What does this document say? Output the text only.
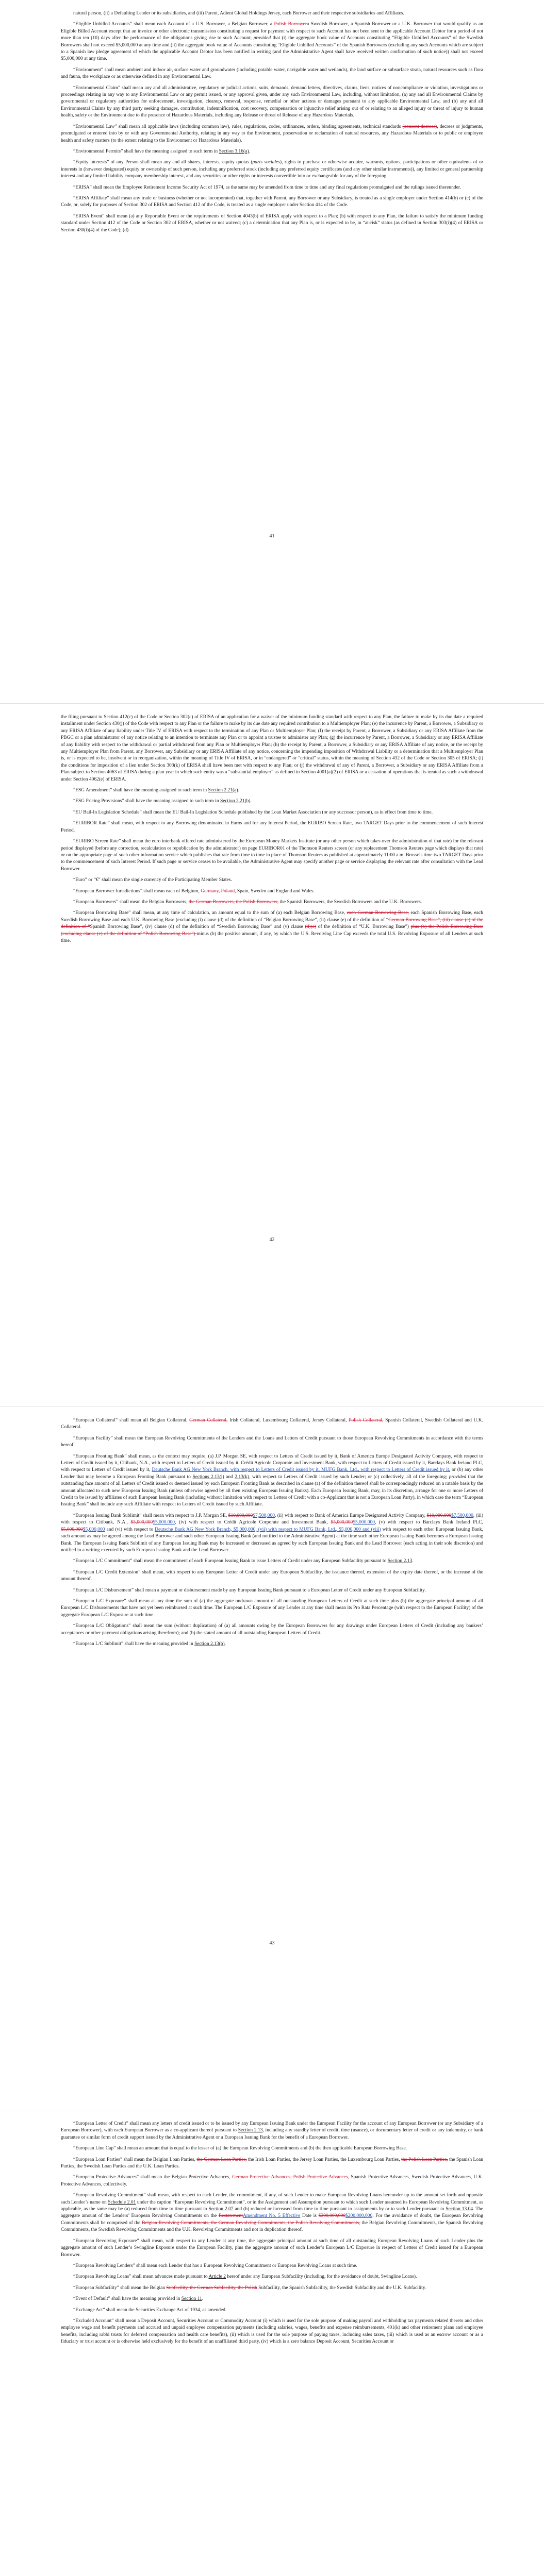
natural person, (ii) a Defaulting Lender or its subsidiaries, and (iii) Parent, Adient Global Holdings Jersey, each Borrower and their respective subsidiaries and Affiliates.

“Eligible Unbilled Accounts” shall mean each Account of a U.S. Borrower, a Belgian Borrower, a Polish Borrowera Swedish Borrower, a Spanish Borrower or a U.K. Borrower that would qualify as an Eligible Billed Account except that an invoice or other electronic transmission constituting a request for payment with respect to such Account has not been sent to the applicable Account Debtor for a period of not more than ten (10) days after the performance of the obligations giving rise to such Account; provided that (i) the aggregate book value of Accounts constituting “Eligible Unbilled Accounts” of the Swedish Borrowers shall not exceed $5,000,000 at any time and (ii) the aggregate book value of Accounts constituting “Eligible Unbilled Accounts” of the Spanish Borrowers (excluding any such Accounts which are subject to a Spanish law pledge agreement of which the applicable Account Debtor has been notified in writing (and the Administrative Agent shall have received written confirmation of such notice)) shall not exceed $5,000,000 at any time.

“Environment” shall mean ambient and indoor air, surface water and groundwater (including potable water, navigable water and wetlands), the land surface or subsurface strata, natural resources such as flora and fauna, the workplace or as otherwise defined in any Environmental Law.

“Environmental Claim” shall mean any and all administrative, regulatory or judicial actions, suits, demands, demand letters, directives, claims, liens, notices of noncompliance or violation, investigations or proceedings relating in any way to any Environmental Law or any permit issued, or any approval given, under any such Environmental Law, including, without limitation, (a) any and all Environmental Claims by governmental or regulatory authorities for enforcement, investigation, cleanup, removal, response, remedial or other actions or damages pursuant to any applicable Environmental Law, and (b) any and all Environmental Claims by any third party seeking damages, contribution, indemnification, cost recovery, compensation or injunctive relief arising out of or relating to an alleged injury or threat of injury to human health, safety or the Environment due to the presence of Hazardous Materials, including any Release or threat of Release of any Hazardous Materials.

“Environmental Law” shall mean all applicable laws (including common law), rules, regulations, codes, ordinances, orders, binding agreements, technical standards (consent decrees), decrees or judgments, promulgated or entered into by or with any Governmental Authority, relating in any way to the Environment, preservation or reclamation of natural resources, any Hazardous Materials or to public or employee health and safety matters (to the extent relating to the Environment or Hazardous Materials).

“Environmental Permits” shall have the meaning assigned to such term in Section 3.16(a).

“Equity Interests” of any Person shall mean any and all shares, interests, equity quotas (parts sociales), rights to purchase or otherwise acquire, warrants, options, participations or other equivalents of or interests in (however designated) equity or ownership of such person, including any preferred stock (including any preferred equity certificates (and any other similar instruments)), any limited or general partnership interest and any limited liability company membership interest, and any securities or other rights or interests convertible into or exchangeable for any of the foregoing.

“ERISA” shall mean the Employee Retirement Income Security Act of 1974, as the same may be amended from time to time and any final regulations promulgated and the rulings issued thereunder.

“ERISA Affiliate” shall mean any trade or business (whether or not incorporated) that, together with Parent, any Borrower or any Subsidiary, is treated as a single employer under Section 414(b) or (c) of the Code, or, solely for purposes of Section 302 of ERISA and Section 412 of the Code, is treated as a single employer under Section 414 of the Code.

“ERISA Event” shall mean (a) any Reportable Event or the requirements of Section 4043(b) of ERISA apply with respect to a Plan; (b) with respect to any Plan, the failure to satisfy the minimum funding standard under Section 412 of the Code or Section 302 of ERISA, whether or not waived; (c) a determination that any Plan is, or is expected to be, in “at-risk” status (as defined in Section 303(i)(4) of ERISA or Section 430(i)(4) of the Code); (d)

41

the filing pursuant to Section 412(c) of the Code or Section 302(c) of ERISA of an application for a waiver of the minimum funding standard with respect to any Plan, the failure to make by its due date a required installment under Section 430(j) of the Code with respect to any Plan or the failure to make by its due date any required contribution to a Multiemployer Plan; (e) the incurrence by Parent, a Borrower, a Subsidiary or any ERISA Affiliate of any liability under Title IV of ERISA with respect to the termination of any Plan or Multiemployer Plan; (f) the receipt by Parent, a Borrower, a Subsidiary or any ERISA Affiliate from the PBGC or a plan administrator of any notice relating to an intention to terminate any Plan or to appoint a trustee to administer any Plan; (g) the incurrence by Parent, a Borrower, a Subsidiary or any ERISA Affiliate of any liability with respect to the withdrawal or partial withdrawal from any Plan or Multiemployer Plan; (h) the receipt by Parent, a Borrower, a Subsidiary or any ERISA Affiliate of any notice, or the receipt by any Multiemployer Plan from Parent, any Borrower, any Subsidiary or any ERISA Affiliate of any notice, concerning the impending imposition of Withdrawal Liability or a determination that a Multiemployer Plan is, or is expected to be, insolvent or in reorganization, within the meaning of Title IV of ERISA, or in “endangered” or “critical” status, within the meaning of Section 432 of the Code or Section 305 of ERISA; (i) the conditions for imposition of a lien under Section 303(k) of ERISA shall have been met with respect to any Plan; or (j) the withdrawal of any of Parent, a Borrower, a Subsidiary or any ERISA Affiliate from a Plan subject to Section 4063 of ERISA during a plan year in which such entity was a “substantial employer” as defined in Section 4001(a)(2) of ERISA or a cessation of operations that is treated as such a withdrawal under Section 4062(e) of ERISA.

“ESG Amendment” shall have the meaning assigned to such term in Section 2.21(a).

“ESG Pricing Provisions” shall have the meaning assigned to such term in Section 2.21(b).

“EU Bail-In Legislation Schedule” shall mean the EU Bail-In Legislation Schedule published by the Loan Market Association (or any successor person), as in effect from time to time.

“EURIBOR Rate” shall mean, with respect to any Borrowing denominated in Euros and for any Interest Period, the EURIBO Screen Rate, two TARGET Days prior to the commencement of such Interest Period.

“EURIBO Screen Rate” shall mean the euro interbank offered rate administered by the European Money Markets Institute (or any other person which takes over the administration of that rate) for the relevant period displayed (before any correction, recalculation or republication by the administrator) on page EURIBOR01 of the Thomson Reuters screen (or any replacement Thomson Reuters page which displays that rate) or on the appropriate page of such other information service which publishes that rate from time to time in place of Thomson Reuters as published at approximately 11:00 a.m. Brussels time two TARGET Days prior to the commencement of such Interest Period. If such page or service ceases to be available, the Administrative Agent may specify another page or service displaying the relevant rate after consultation with the Lead Borrower.

“Euro” or “€” shall mean the single currency of the Participating Member States.

“European Borrower Jurisdictions” shall mean each of Belgium, Germany, Poland, Spain, Sweden and England and Wales.

“European Borrowers” shall mean the Belgian Borrowers, the German Borrowers, the Polish Borrowers, the Spanish Borrowers, the Swedish Borrowers and the U.K. Borrowers.

“European Borrowing Base” shall mean, at any time of calculation, an amount equal to the sum of (a) each Belgian Borrowing Base, each German Borrowing Base, each Spanish Borrowing Base, each Swedish Borrowing Base and each U.K. Borrowing Base (excluding (i) clause (d) of the definition of “Belgian Borrowing Base”, (ii) clause (e) of the definition of “German Borrowing Base”, (iii) clause (e) of the definition of “Spanish Borrowing Base”, (iv) clause (d) of the definition of “Swedish Borrowing Base” and (v) clause (d)(e) of the definition of “U.K. Borrowing Base”) plus (b) the Polish Borrowing Base (excluding clause (e) of the definition of “Polish Borrowing Base”) minus (b) the positive amount, if any, by which the U.S. Revolving Line Cap exceeds the total U.S. Revolving Exposure of all Lenders at such time.

42

“European Collateral” shall mean all Belgian Collateral, German Collateral, Irish Collateral, Luxembourg Collateral, Jersey Collateral, Polish Collateral, Spanish Collateral, Swedish Collateral and U.K. Collateral.

“European Facility” shall mean the European Revolving Commitments of the Lenders and the Loans and Letters of Credit pursuant to those European Revolving Commitments in accordance with the terms hereof.

“European Fronting Bank” shall mean, as the context may require, (a) J.P. Morgan SE, with respect to Letters of Credit issued by it, Bank of America Europe Designated Activity Company, with respect to Letters of Credit issued by it, Citibank, N.A., with respect to Letters of Credit issued by it, Crédit Agricole Corporate and Investment Bank, with respect to Letters of Credit issued by it, Barclays Bank Ireland PLC, with respect to Letters of Credit issued by it, Deutsche Bank AG New York Branch, with respect to Letters of Credit issued by it, MUFG Bank, Ltd., with respect to Letters of Credit issued by it, or (b) any other Lender that may become a European Fronting Bank pursuant to Sections 2.13(i) and 2.13(k), with respect to Letters of Credit issued by such Lender; or (c) collectively, all of the foregoing; provided that the outstanding face amount of all Letters of Credit issued or deemed issued by each European Fronting Bank as described in clause (a) of the definition thereof shall be correspondingly reduced on a ratable basis by the amount allocated to such new European Issuing Bank (unless otherwise agreed by all then existing European Issuing Banks). Each European Issuing Bank, may, in its discretion, arrange for one or more Letters of Credit to be issued by affiliates of such European Issuing Bank (including without limitation with respect to Letters of Credit with a co-Applicant that is not a European Loan Party), in which case the term “European Issuing Bank” shall include any such Affiliate with respect to Letters of Credit issued by such Affiliate.

“European Issuing Bank Sublimit” shall mean with respect to J.P. Morgan SE, $10,000,000$7,500,000, (ii) with respect to Bank of America Europe Designated Activity Company, $10,000,000$7,500,000, (iii) with respect to Citibank, N.A., $5,000,000$5,000,000, (iv) with respect to Crédit Agricole Corporate and Investment Bank, $5,000,000$5,000,000, (v) with respect to Barclays Bank Ireland PLC, $5,000,000$5,000,000 and (vi) with respect to Deutsche Bank AG New York Branch, $5,000,000, (vii) with respect to MUFG Bank, Ltd., $5,000,000 and (viii) with respect to each other European Issuing Bank, such amount as may be agreed among the Lead Borrower and such other European Issuing Bank (and notified to the Administrative Agent) at the time such other European Issuing Bank becomes a European Issuing Bank. The European Issuing Bank Sublimit of any European Issuing Bank may be increased or decreased as agreed by such European Issuing Bank and the Lead Borrower (each acting in their sole discretion) and notified in a writing executed by such European Issuing Bank and the Lead Borrower.

“European L/C Commitment” shall mean the commitment of each European Issuing Bank to issue Letters of Credit under any European Subfacility pursuant to Section 2.13.

“European L/C Credit Extension” shall mean, with respect to any European Letter of Credit under any European Subfacility, the issuance thereof, extension of the expiry date thereof, or the increase of the amount thereof.

“European L/C Disbursement” shall mean a payment or disbursement made by any European Issuing Bank pursuant to a European Letter of Credit under any European Subfacility.

“European L/C Exposure” shall mean at any time the sum of (a) the aggregate undrawn amount of all outstanding European Letters of Credit at such time plus (b) the aggregate principal amount of all European L/C Disbursements that have not yet been reimbursed at such time. The European L/C Exposure of any Lender at any time shall mean its Pro Rata Percentage (with respect to the European Facility) of the aggregate European L/C Exposure at such time.

“European L/C Obligations” shall mean the sum (without duplication) of (a) all amounts owing by the European Borrowers for any drawings under European Letters of Credit (including any bankers’ acceptances or other payment obligations arising therefrom); and (b) the stated amount of all outstanding European Letters of Credit.

“European L/C Sublimit” shall have the meaning provided in Section 2.13(b).

43

“European Letter of Credit” shall mean any letters of credit issued or to be issued by any European Issuing Bank under the European Facility for the account of any European Borrower (or any Subsidiary of a European Borrower), with each European Borrower as a co-applicant thereof pursuant to Section 2.13, including any standby letter of credit, time (usance), or documentary letter of credit or any indemnity, or bank guarantee or similar form of credit support issued by the Administrative Agent or a European Issuing Bank for the benefit of a European Borrower.

“European Line Cap” shall mean an amount that is equal to the lesser of (a) the European Revolving Commitments and (b) the then applicable European Borrowing Base.

“European Loan Parties” shall mean the Belgian Loan Parties, the German Loan Parties, the Irish Loan Parties, the Jersey Loan Parties, the Luxembourg Loan Parties, the Polish Loan Parties, the Spanish Loan Parties, the Swedish Loan Parties and the U.K. Loan Parties.

“European Protective Advances” shall mean the Belgian Protective Advances, German Protective Advances, Polish Protective Advances, Spanish Protective Advances, Swedish Protective Advances, U.K. Protective Advances, collectively.

“European Revolving Commitment” shall mean, with respect to each Lender, the commitment, if any, of such Lender to make European Revolving Loans hereunder up to the amount set forth and opposite such Lender’s name on Schedule 2.01 under the caption “European Revolving Commitment”, or in the Assignment and Assumption pursuant to which such Lender assumed its European Revolving Commitment, as applicable, as the same may be (a) reduced from time to time pursuant to Section 2.07 and (b) reduced or increased from time to time pursuant to assignments by or to such Lender pursuant to Section 13.04. The aggregate amount of the Lenders’ European Revolving Commitments on the RestatementAmendment No. 5 Effective Date is $300,000,000$200,000,000. For the avoidance of doubt, the European Revolving Commitments shall be comprised of the Belgian Revolving Commitments, the German Revolving Commitments, the Polish Revolving Commitments, the Belgian Revolving Commitments, the Spanish Revolving Commitments, the Swedish Revolving Commitments and the U.K. Revolving Commitments and not in duplication thereof.

“European Revolving Exposure” shall mean, with respect to any Lender at any time, the aggregate principal amount at such time of all outstanding European Revolving Loans of such Lender plus the aggregate amount of such Lender’s Swingline Exposure under the European Facility, plus the aggregate amount of such Lender’s European L/C Exposure in respect of Letters of Credit issued for a European Borrower.

“European Revolving Lenders” shall mean each Lender that has a European Revolving Commitment or European Revolving Loans at such time.

“European Revolving Loans” shall mean advances made pursuant to Article 2 hereof under any European Subfacility (including, for the avoidance of doubt, Swingline Loans).

“European Subfacility” shall mean the Belgian Subfacility, the German Subfacility, the Polish Subfacility, the Spanish Subfacility, the Swedish Subfacility and the U.K. Subfacility.

“Event of Default” shall have the meaning provided in Section 11.

“Exchange Act” shall mean the Securities Exchange Act of 1934, as amended.

“Excluded Account” shall mean a Deposit Account, Securities Account or Commodity Account (i) which is used for the sole purpose of making payroll and withholding tax payments related thereto and other employee wage and benefit payments and accrued and unpaid employee compensation payments (including salaries, wages, benefits and expense reimbursements, 401(k) and other retirement plans and employee benefits, including rabbi trusts for deferred compensation and health care benefits), (ii) which is used for the sole purpose of paying taxes, including sales taxes, (iii) which is used as an escrow account or as a fiduciary or trust account or is otherwise held exclusively for the benefit of an unaffiliated third party, (iv) which is a zero balance Deposit Account, Securities Account or
